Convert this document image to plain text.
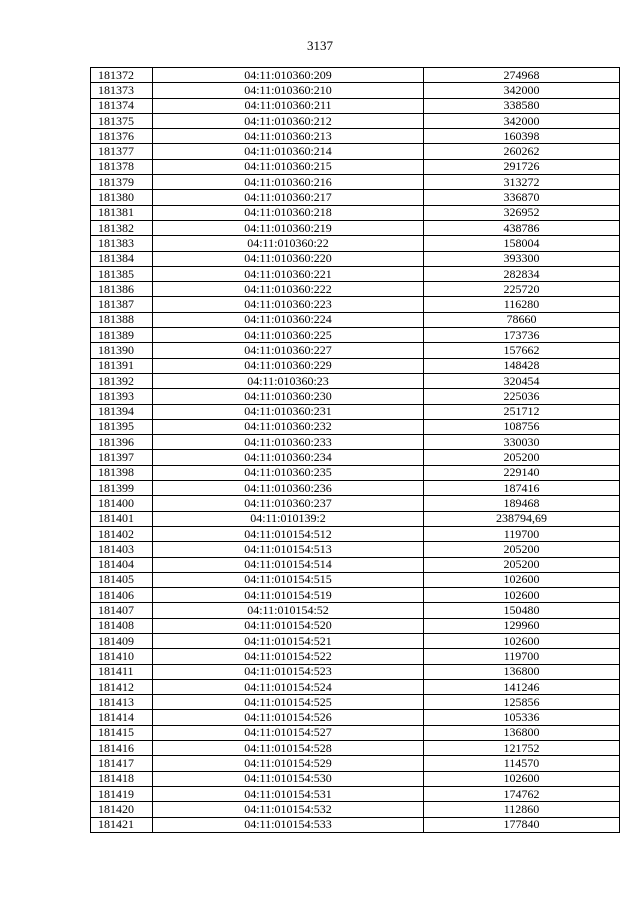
3137
181372	04:11:010360:209	274968
181373	04:11:010360:210	342000
181374	04:11:010360:211	338580
181375	04:11:010360:212	342000
181376	04:11:010360:213	160398
181377	04:11:010360:214	260262
181378	04:11:010360:215	291726
181379	04:11:010360:216	313272
181380	04:11:010360:217	336870
181381	04:11:010360:218	326952
181382	04:11:010360:219	438786
181383	04:11:010360:22	158004
181384	04:11:010360:220	393300
181385	04:11:010360:221	282834
181386	04:11:010360:222	225720
181387	04:11:010360:223	116280
181388	04:11:010360:224	78660
181389	04:11:010360:225	173736
181390	04:11:010360:227	157662
181391	04:11:010360:229	148428
181392	04:11:010360:23	320454
181393	04:11:010360:230	225036
181394	04:11:010360:231	251712
181395	04:11:010360:232	108756
181396	04:11:010360:233	330030
181397	04:11:010360:234	205200
181398	04:11:010360:235	229140
181399	04:11:010360:236	187416
181400	04:11:010360:237	189468
181401	04:11:010139:2	238794,69
181402	04:11:010154:512	119700
181403	04:11:010154:513	205200
181404	04:11:010154:514	205200
181405	04:11:010154:515	102600
181406	04:11:010154:519	102600
181407	04:11:010154:52	150480
181408	04:11:010154:520	129960
181409	04:11:010154:521	102600
181410	04:11:010154:522	119700
181411	04:11:010154:523	136800
181412	04:11:010154:524	141246
181413	04:11:010154:525	125856
181414	04:11:010154:526	105336
181415	04:11:010154:527	136800
181416	04:11:010154:528	121752
181417	04:11:010154:529	114570
181418	04:11:010154:530	102600
181419	04:11:010154:531	174762
181420	04:11:010154:532	112860
181421	04:11:010154:533	177840
